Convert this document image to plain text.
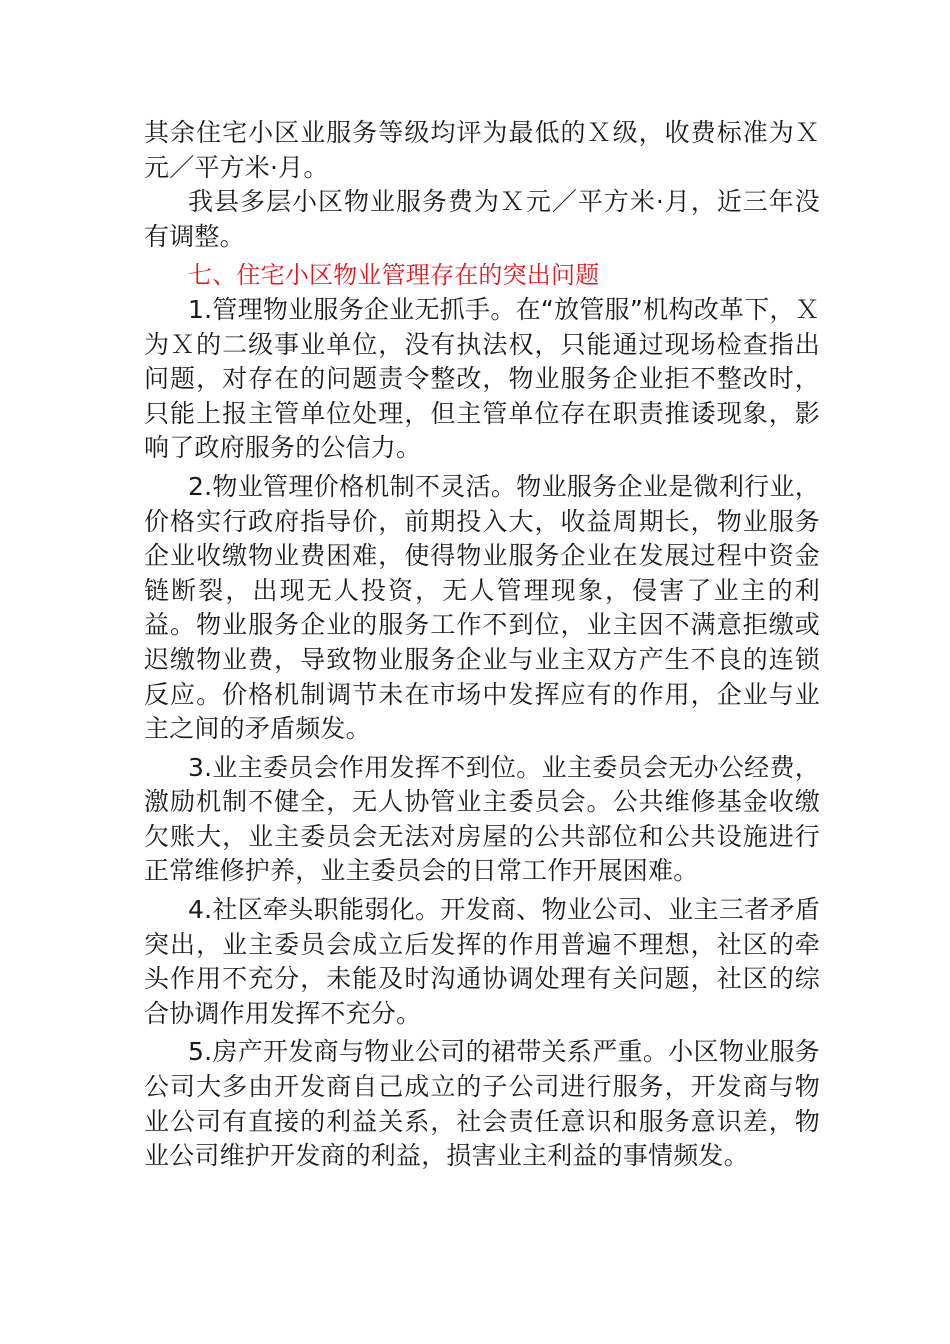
其余住宅小区业服务等级均评为最低的Ｘ级，收费标准为Ｘ元／平方米·月。

我县多层小区物业服务费为Ｘ元／平方米·月，近三年没有调整。

七、住宅小区物业管理存在的突出问题

1.管理物业服务企业无抓手。在“放管服”机构改革下，Ｘ为Ｘ的二级事业单位，没有执法权，只能通过现场检查指出问题，对存在的问题责令整改，物业服务企业拒不整改时，只能上报主管单位处理，但主管单位存在职责推诿现象，影响了政府服务的公信力。

2.物业管理价格机制不灵活。物业服务企业是微利行业，价格实行政府指导价，前期投入大，收益周期长，物业服务企业收缴物业费困难，使得物业服务企业在发展过程中资金链断裂，出现无人投资，无人管理现象，侵害了业主的利益。物业服务企业的服务工作不到位，业主因不满意拒缴或迟缴物业费，导致物业服务企业与业主双方产生不良的连锁反应。价格机制调节未在市场中发挥应有的作用，企业与业主之间的矛盾频发。

3.业主委员会作用发挥不到位。业主委员会无办公经费，激励机制不健全，无人协管业主委员会。公共维修基金收缴欠账大，业主委员会无法对房屋的公共部位和公共设施进行正常维修护养，业主委员会的日常工作开展困难。

4.社区牵头职能弱化。开发商、物业公司、业主三者矛盾突出，业主委员会成立后发挥的作用普遍不理想，社区的牵头作用不充分，未能及时沟通协调处理有关问题，社区的综合协调作用发挥不充分。

5.房产开发商与物业公司的裙带关系严重。小区物业服务公司大多由开发商自己成立的子公司进行服务，开发商与物业公司有直接的利益关系，社会责任意识和服务意识差，物业公司维护开发商的利益，损害业主利益的事情频发。
